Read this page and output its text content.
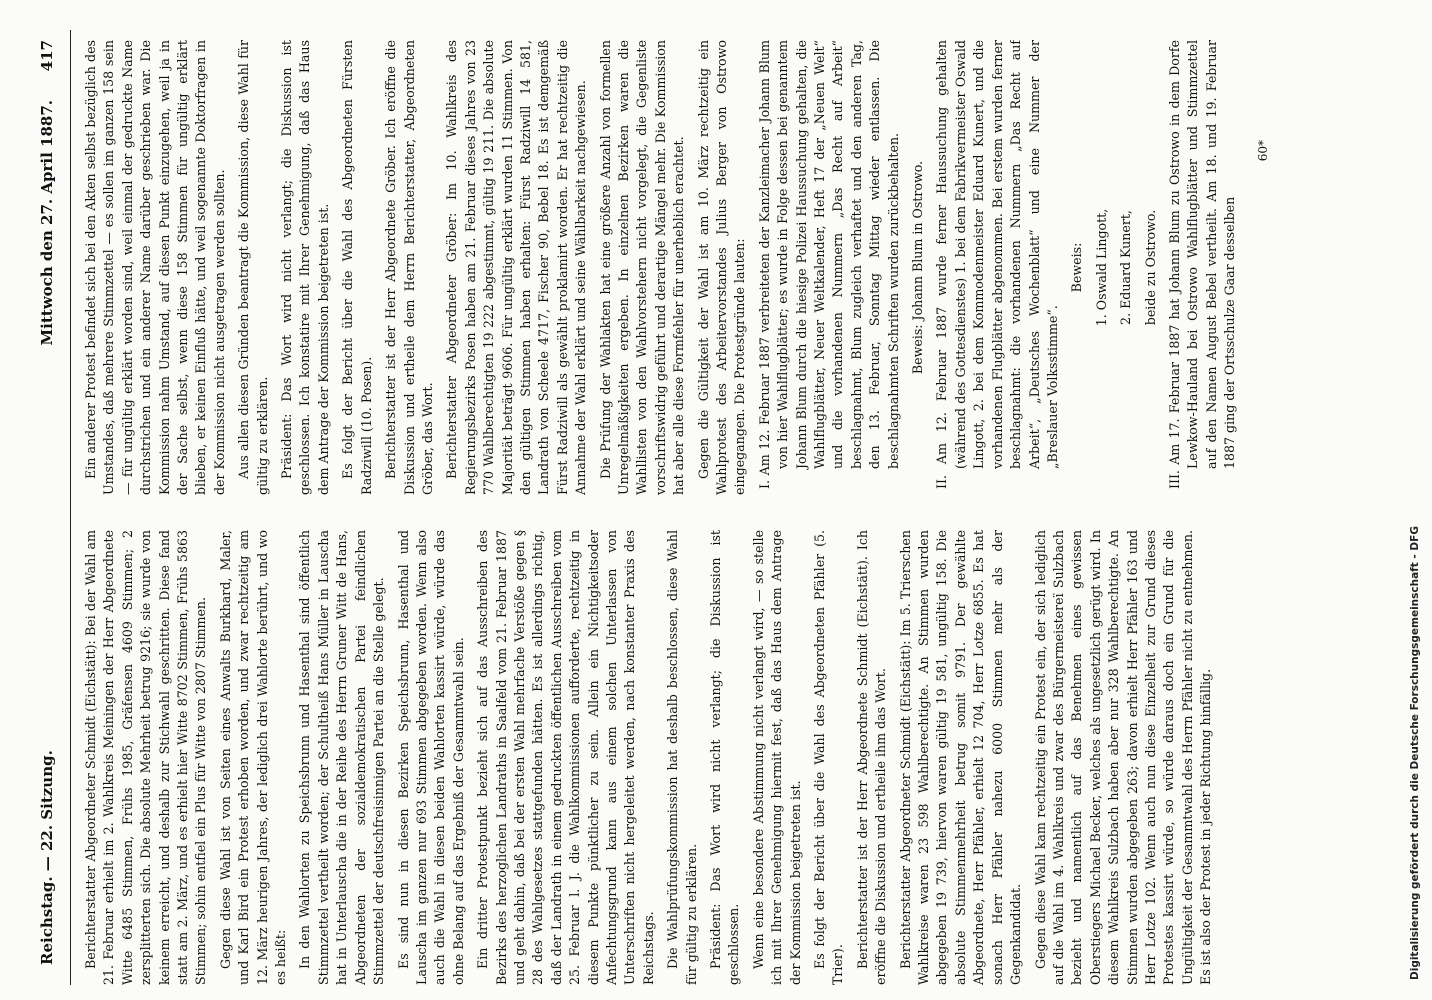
Reichstag. — 22. Sitzung.
Mittwoch den 27. April 1887.
417

Berichterstatter Abgeordneter Schmidt (Eichstätt): Bei der Wahl am 21. Februar erhielt im 2. Wahlkreis Meiningen der Herr Abgeordnete Witte 6485 Stimmen, Frühs 1985, Gräfensen 4609 Stimmen; 2 zersplitterten sich. Die absolute Mehrheit betrug 9216; sie wurde von keinem erreicht, und deshalb zur Stichwahl geschritten. Diese fand statt am 2. März, und es erhielt hier Witte 8702 Stimmen, Frühs 5863 Stimmen; sohin entfiel ein Plus für Witte von 2807 Stimmen. Gegen diese Wahl ist von Seiten eines Anwalts Burkhard, Maler, und Karl Bird ein Protest erhoben worden, und zwar rechtzeitig am 12. März heurigen Jahres, der lediglich drei Wahlorte berührt, und wo es heißt: In den Wahlorten zu Speichsbrunn und Hasenthal sind öffentlich Stimmzettel vertheilt worden; der Schultheiß Hans Müller in Lauscha hat in Unterlauscha die in der Reihe des Herrn Gruner Witt de Hans, Abgeordneten der sozialdemokratischen Partei feindlichen Stimmzettel der deutschfreisinnigen Partei an die Stelle gelegt. Es sind nun in diesen Bezirken Speichsbrunn, Hasenthal und Lauscha im ganzen nur 693 Stimmen abgegeben worden. Wenn also auch die Wahl in diesen beiden Wahlorten kassirt würde, würde das ohne Belang auf das Ergebniß der Gesammtwahl sein. Ein dritter Protestpunkt bezieht sich auf das Ausschreiben des Bezirks des herzoglichen Landraths in Saalfeld vom 21. Februar 1887 und geht dahin, daß bei der ersten Wahl mehrfache Verstöße gegen § 28 des Wahlgesetzes stattgefunden hätten. Es ist allerdings richtig, daß der Landrath in einem gedruckten öffentlichen Ausschreiben vom 25. Februar l. J. die Wahlkommissionen aufforderte, rechtzeitig in diesem Punkte pünktlicher zu sein. Allein ein Nichtigkeitsoder Anfechtungsgrund kann aus einem solchen Unterlassen von Unterschriften nicht hergeleitet werden, nach konstanter Praxis des Reichstags. Die Wahlprüfungskommission hat deshalb beschlossen, diese Wahl für gültig zu erklären. Präsident: Das Wort wird nicht verlangt; die Diskussion ist geschlossen. Wenn eine besondere Abstimmung nicht verlangt wird, — so stelle ich mit Ihrer Genehmigung hiermit fest, daß das Haus dem Antrage der Kommission beigetreten ist. Es folgt der Bericht über die Wahl des Abgeordneten Pfähler (5. Trier). Berichterstatter ist der Herr Abgeordnete Schmidt (Eichstätt). Ich eröffne die Diskussion und ertheile ihm das Wort. Berichterstatter Abgeordneter Schmidt (Eichstätt): Im 5. Trierschen Wahlkreise waren 23 598 Wahlberechtigte. An Stimmen wurden abgegeben 19 739, hiervon waren gültig 19 581, ungültig 158. Die absolute Stimmenmehrheit betrug somit 9791. Der gewählte Abgeordnete, Herr Pfähler, erhielt 12 704, Herr Lotze 6855. Es hat sonach Herr Pfähler nahezu 6000 Stimmen mehr als der Gegenkandidat. Gegen diese Wahl kam rechtzeitig ein Protest ein, der sich lediglich auf die Wahl im 4. Wahlkreis und zwar des Bürgermeistereï Sulzbach bezieht und namentlich auf das Benehmen eines gewissen Oberstiegers Michael Becker, welches als ungesetzlich gerügt wird. In diesem Wahlkreis Sulzbach haben aber nur 328 Wahlberechtigte. An Stimmen wurden abgegeben 263; davon erhielt Herr Pfähler 163 und Herr Lotze 102. Wenn auch nun diese Einzelheit zur Grund dieses Protestes kassirt würde, so würde daraus doch ein Grund für die Ungültigkeit der Gesammtwahl des Herrn Pfähler nicht zu entnehmen. Es ist also der Protest in jeder Richtung hinfällig.

Ein anderer Protest befindet sich bei den Akten selbst bezüglich des Umstandes, daß mehrere Stimmzettel — es sollen im ganzen 158 sein — für ungültig erklärt worden sind, weil einmal der gedruckte Name durchstrichen und ein anderer Name darüber geschrieben war. Die Kommission nahm Umstand, auf diesen Punkt einzugehen, weil ja in der Sache selbst, wenn diese 158 Stimmen für ungültig erklärt blieben, er keinen Einfluß hätte, und weil sogenannte Doktorfragen in der Kommission nicht ausgetragen werden sollten. Aus allen diesen Gründen beantragt die Kommission, diese Wahl für gültig zu erklären. Präsident: Das Wort wird nicht verlangt; die Diskussion ist geschlossen. Ich konstatire mit Ihrer Genehmigung, daß das Haus dem Antrage der Kommission beigetreten ist. Es folgt der Bericht über die Wahl des Abgeordneten Fürsten Radziwill (10. Posen). Berichterstatter ist der Herr Abgeordnete Gröber. Ich eröffne die Diskussion und ertheile dem Herrn Berichterstatter, Abgeordneten Gröber, das Wort. Berichterstatter Abgeordneter Gröber: Im 10. Wahlkreis des Regierungsbezirks Posen haben am 21. Februar dieses Jahres von 23 770 Wahlberechtigten 19 222 abgestimmt, gültig 19 211. Die absolute Majorität beträgt 9606. Für ungültig erklärt wurden 11 Stimmen. Von den gültigen Stimmen haben erhalten: Fürst Radziwill 14 581, Landrath von Scheele 4717, Fischer 90, Bebel 18. Es ist demgemäß Fürst Radziwill als gewählt proklamirt worden. Er hat rechtzeitig die Annahme der Wahl erklärt und seine Wählbarkeit nachgewiesen. Die Prüfung der Wahlakten hat eine größere Anzahl von formellen Unregelmäßigkeiten ergeben. In einzelnen Bezirken waren die Wahllisten von den Wahlvorstehern nicht vorgelegt, die Gegenliste vorschriftswidrig geführt und derartige Mängel mehr. Die Kommission hat aber alle diese Formfehler für unerheblich erachtet. Gegen die Gültigkeit der Wahl ist am 10. März rechtzeitig ein Wahlprotest des Arbeitervorstandes Julius Berger von Ostrowo eingegangen. Die Protestgründe lauten: I. Am 12. Februar 1887 verbreiteten der Kanzleimacher Johann Blum von hier Wahlflugblätter; es wurde in Folge dessen bei genanntem Johann Blum durch die hiesige Polizei Haussuchung gehalten, die Wahlflugblätter, Neuer Weltkalender, Heft 17 der „Neuen Welt“ und die vorhandenen Nummern „Das Recht auf Arbeit“ beschlagnahmt, Blum zugleich verhaftet und den anderen Tag, den 13. Februar, Sonntag Mittag wieder entlassen. Die beschlagnahmten Schriften wurden zurückbehalten. Beweis: Johann Blum in Ostrowo. II. Am 12. Februar 1887 wurde ferner Haussuchung gehalten (während des Gottesdienstes) 1. bei dem Fabrikvermeister Oswald Lingott, 2. bei dem Kommodenmeister Eduard Kunert, und die vorhandenen Flugblätter abgenommen. Bei erstem wurden ferner beschlagnahmt: die vorhandenen Nummern „Das Recht auf Arbeit“, „Deutsches Wochenblatt“ und eine Nummer der „Breslauer Volksstimme“.

Beweis: 1. Oswald Lingott, 2. Eduard Kunert, beide zu Ostrowo. III. Am 17. Februar 1887 hat Johann Blum zu Ostrowo in dem Dorfe Lewkow-Hauland bei Ostrowo Wahlflugblätter und Stimmzettel auf den Namen August Bebel vertheilt. Am 18. und 19. Februar 1887 ging der Ortsschulze Gaar desselben

60*
Digitalisierung gefördert durch die Deutsche Forschungsgemeinschaft - DFG
